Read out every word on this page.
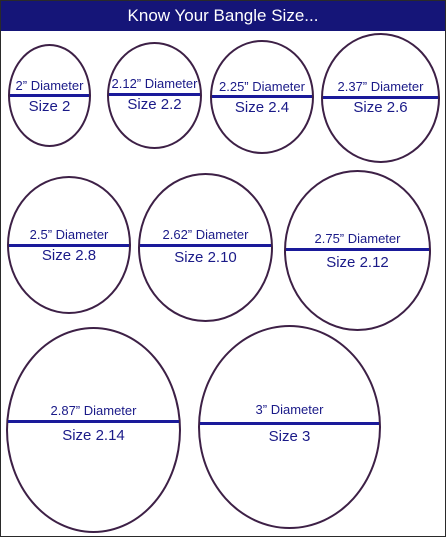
Know Your Bangle Size...
2” Diameter
Size 2
2.12” Diameter
Size 2.2
2.25” Diameter
Size 2.4
2.37” Diameter
Size 2.6
2.5” Diameter
Size 2.8
2.62” Diameter
Size 2.10
2.75” Diameter
Size 2.12
2.87” Diameter
Size 2.14
3” Diameter
Size 3
